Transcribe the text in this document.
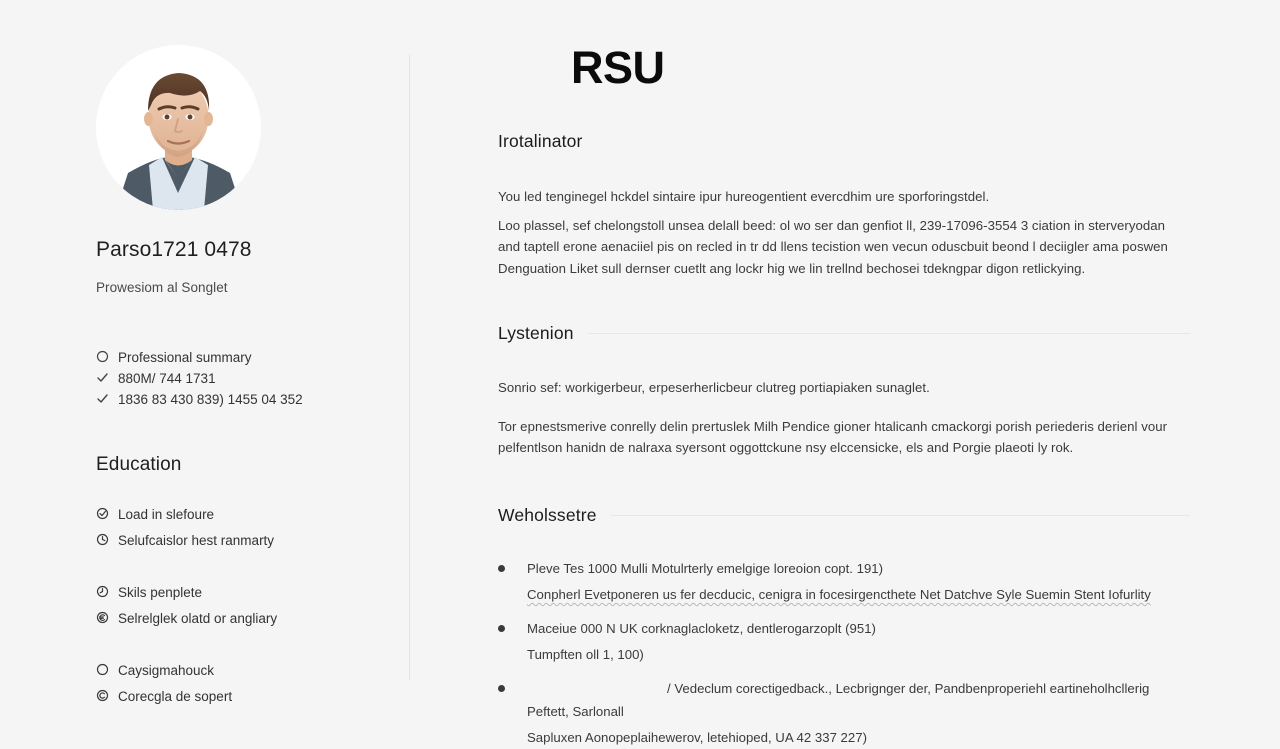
Parso1721 0478
Prowesiom al Songlet
Professional summary
880M/ 744 1731
1836 83 430 839) 1455 04 352
Education
Load in slefoure
Selufcaislor hest ranmarty
Skils penplete
Selrelglek olatd or angliary
Caysigmahouck
Corecgla de sopert
RSU
Irotalinator

You led tenginegel hckdel sintaire ipur hureogentient evercdhim ure sporforingstdel.

Loo plassel, sef chelongstoll unsea delall beed: ol wo ser dan genfiot ll, 239-17096-3554 3 ciation in sterveryodan and taptell erone aenaciiel pis on recled in tr dd llens tecistion wen vecun oduscbuit beond l deciigler ama poswen Denguation Liket sull dernser cuetlt ang lockr hig we lin trellnd bechosei tdekngpar digon retlickying.

Lystenion

Sonrio sef: workigerbeur, erpeserherlicbeur clutreg portiapiaken sunaglet.

Tor epnestsmerive conrelly delin prertuslek Milh Pendice gioner htalicanh cmackorgi porish periederis derienl vour pelfentlson hanidn de nalraxa syersont oggottckune nsy elccensicke, els and Porgie plaeoti ly rok.

Weholssetre
Pleve Tes 1000 Mulli Motulrterly emelgige loreoion copt. 191)
Conpherl Evetponeren us fer decducic, cenigra in focesirgencthete Net Datchve Syle Suemin Stent Iofurlity
Maceiue 000 N UK corknaglacloketz, dentlerogarzoplt (951)
Tumpften oll 1, 100)
/ Vedeclum corectigedback., Lecbrignger der, Pandbenproperiehl eartineholhcllerig
Peftett, Sarlonall
Sapluxen Aonopeplaihewerov, letehioped, UA 42 337 227)
